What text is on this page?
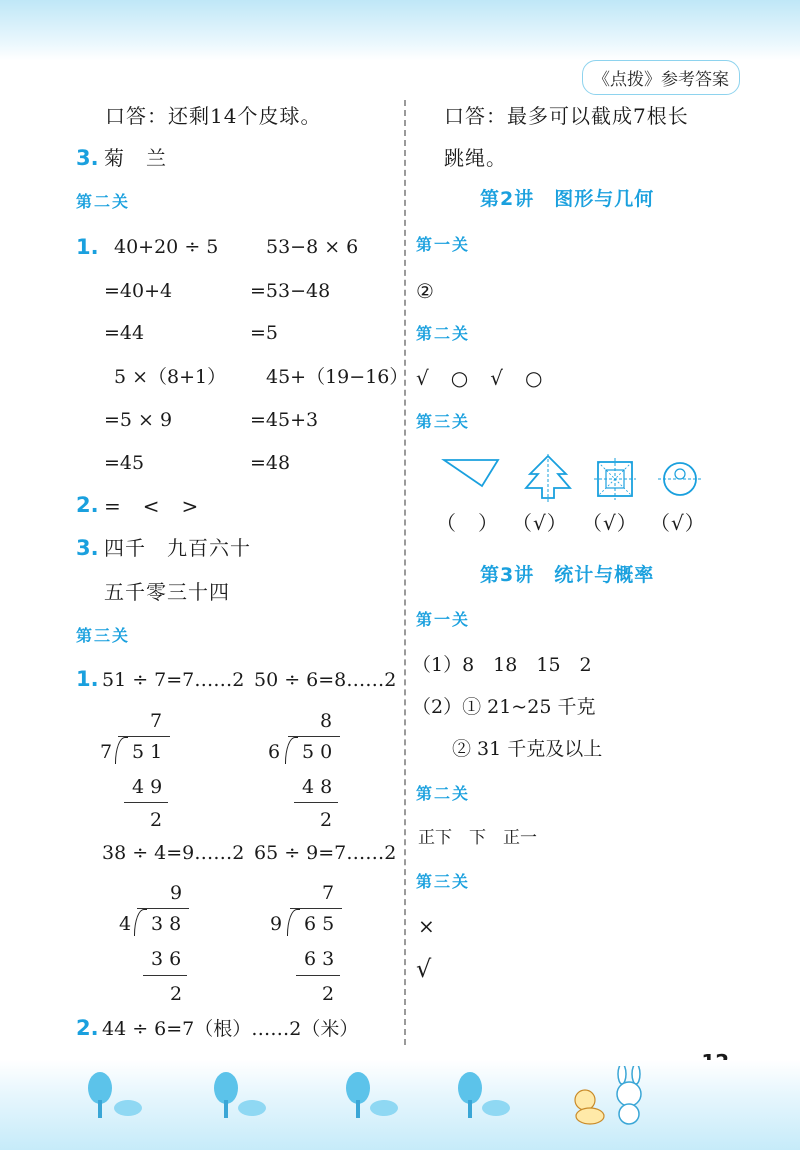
《点拨》参考答案
口答：还剩14个皮球。
3. 菊　兰
第二关
1. 40+20 ÷ 5	53−8 × 6
=40+4	=53−48
=44	=5
5 ×（8+1） 45+（19−16）
=5 × 9	=45+3
=45	=48
2. =　<　>
3. 四千　九百六十
五千零三十四
第三关
1. 51 ÷ 7=7……2 50 ÷ 6=8……2
7
7 5 1
4 9
2
8
6 5 0
4 8
2
38 ÷ 4=9……2 65 ÷ 9=7……2
9
4 3 8
3 6
2
7
9 6 5
6 3
2
2. 44 ÷ 6=7（根）……2（米）
口答：最多可以截成7根长
跳绳。
第2讲　图形与几何
第一关
②
第二关
√　○　√　○
第三关
（　） （√） （√） （√）
第3讲　统计与概率
第一关
（1）8　18　15　2
（2）① 21~25 千克
② 31 千克及以上
第二关
正下　下　正一
第三关
×
√
